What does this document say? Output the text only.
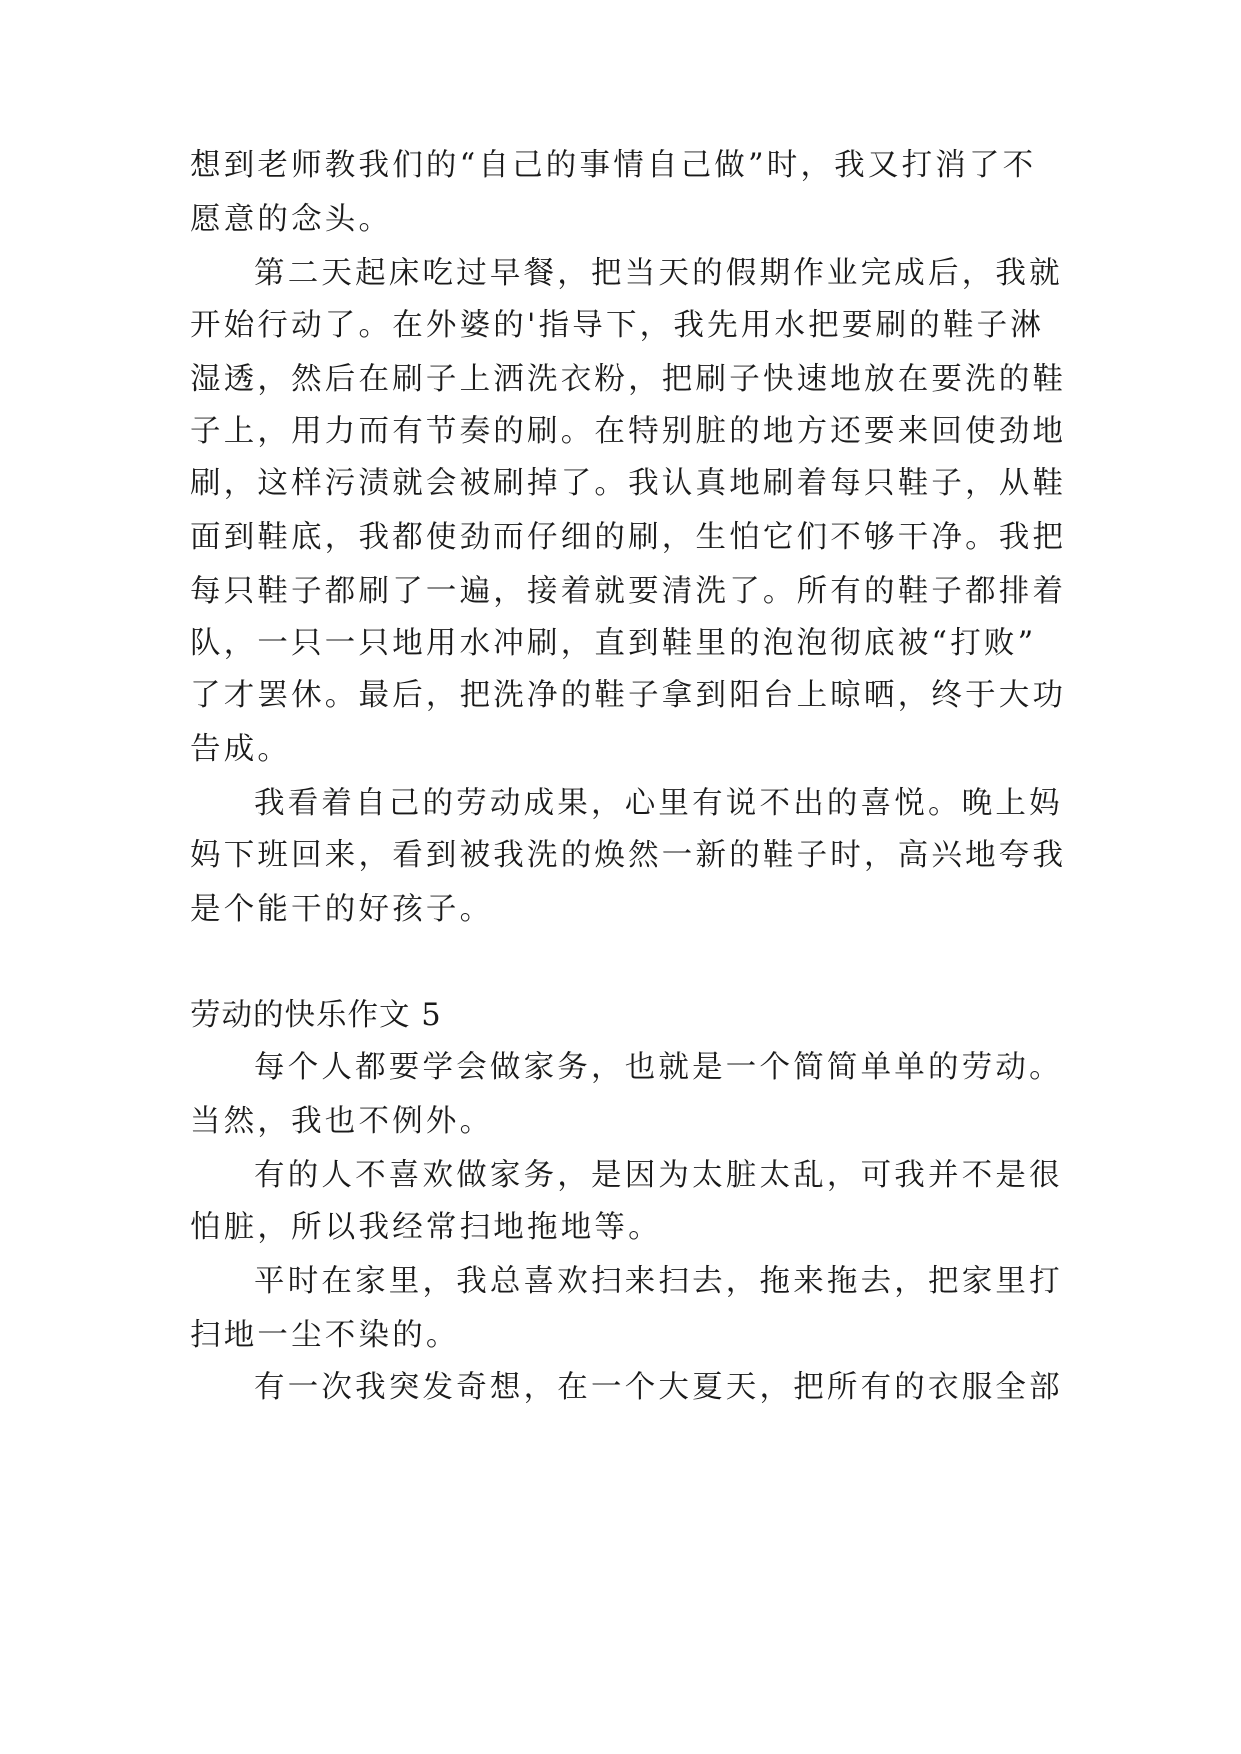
想到老师教我们的“自己的事情自己做”时，我又打消了不
愿意的念头。
第二天起床吃过早餐，把当天的假期作业完成后，我就
开始行动了。在外婆的'指导下，我先用水把要刷的鞋子淋
湿透，然后在刷子上洒洗衣粉，把刷子快速地放在要洗的鞋
子上，用力而有节奏的刷。在特别脏的地方还要来回使劲地
刷，这样污渍就会被刷掉了。我认真地刷着每只鞋子，从鞋
面到鞋底，我都使劲而仔细的刷，生怕它们不够干净。我把
每只鞋子都刷了一遍，接着就要清洗了。所有的鞋子都排着
队，一只一只地用水冲刷，直到鞋里的泡泡彻底被“打败”
了才罢休。最后，把洗净的鞋子拿到阳台上晾晒，终于大功
告成。
我看着自己的劳动成果，心里有说不出的喜悦。晚上妈
妈下班回来，看到被我洗的焕然一新的鞋子时，高兴地夸我
是个能干的好孩子。
劳动的快乐作文 5
每个人都要学会做家务，也就是一个简简单单的劳动。
当然，我也不例外。
有的人不喜欢做家务，是因为太脏太乱，可我并不是很
怕脏，所以我经常扫地拖地等。
平时在家里，我总喜欢扫来扫去，拖来拖去，把家里打
扫地一尘不染的。
有一次我突发奇想，在一个大夏天，把所有的衣服全部
